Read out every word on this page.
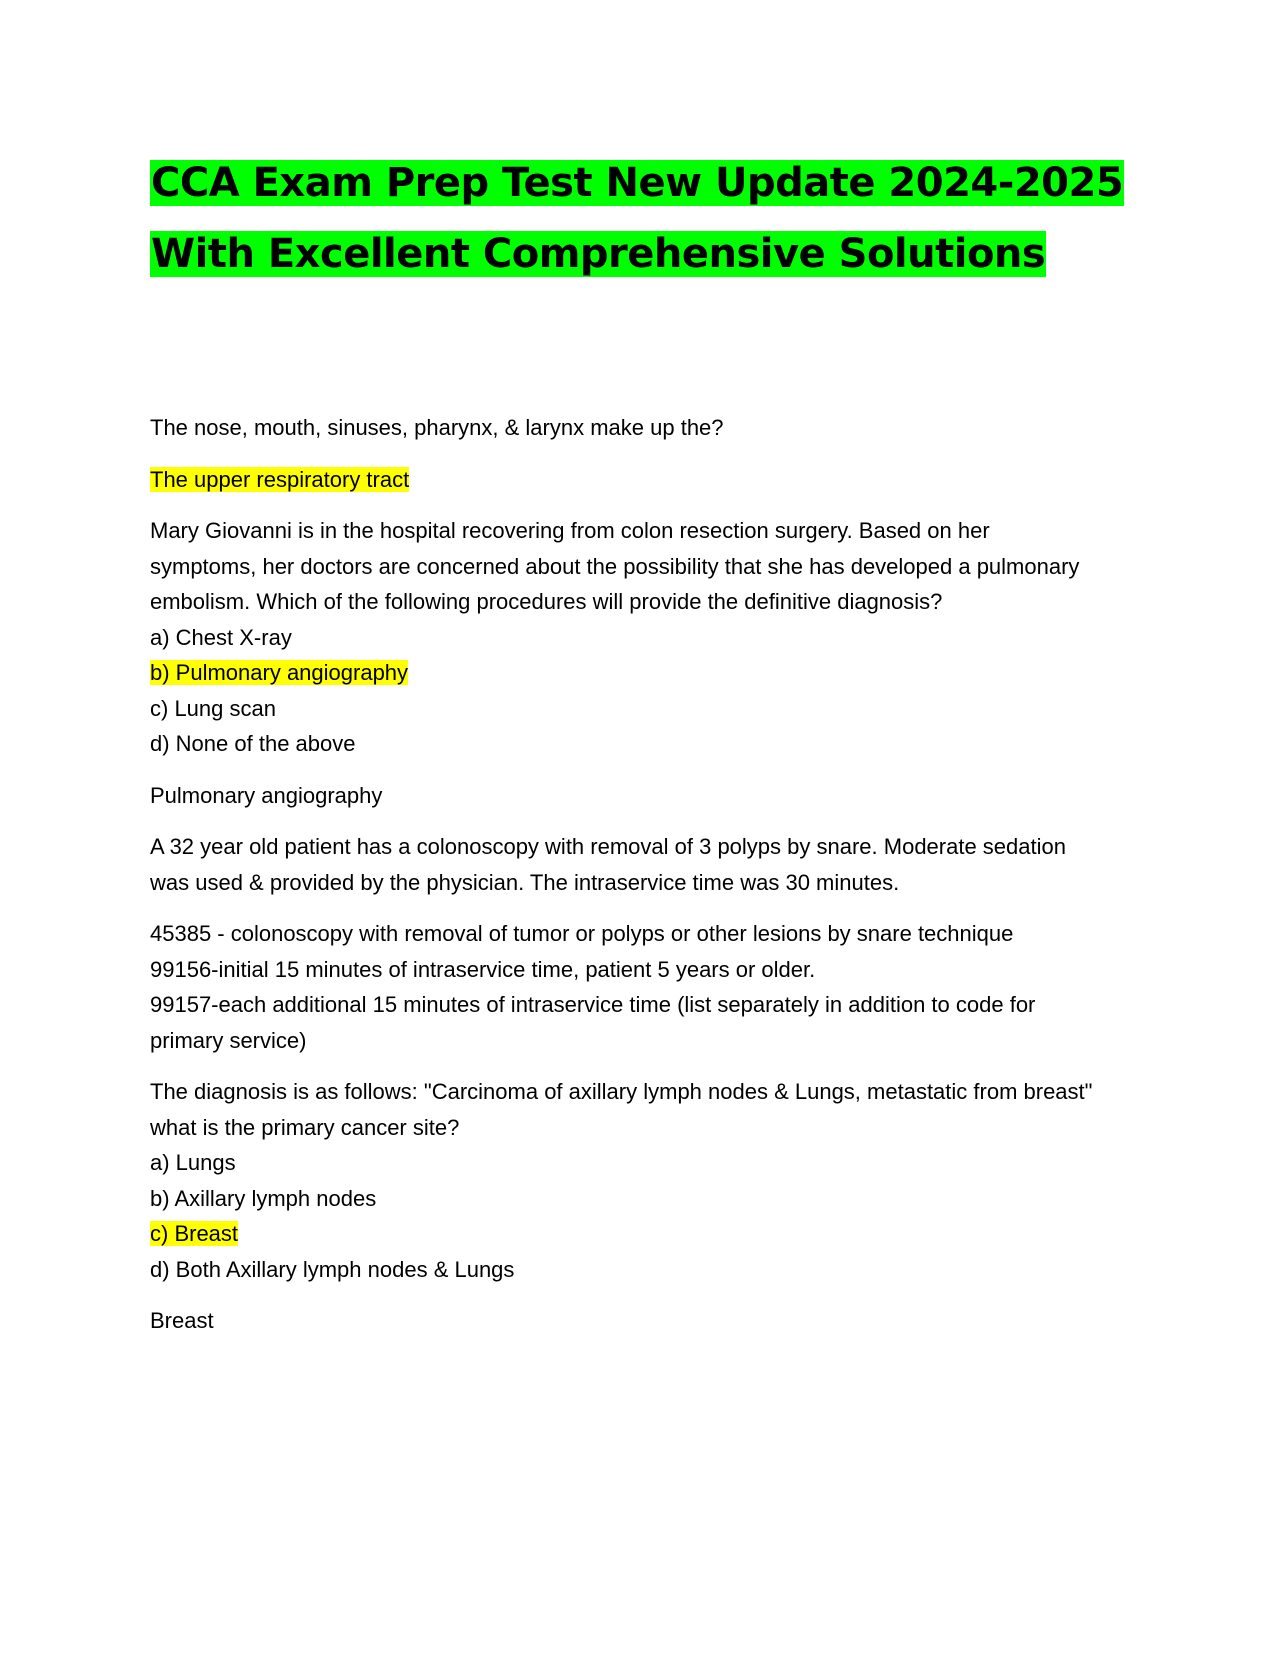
CCA Exam Prep Test New Update 2024-2025
With Excellent Comprehensive Solutions

The nose, mouth, sinuses, pharynx, & larynx make up the?

The upper respiratory tract

Mary Giovanni is in the hospital recovering from colon resection surgery. Based on her
symptoms, her doctors are concerned about the possibility that she has developed a pulmonary
embolism. Which of the following procedures will provide the definitive diagnosis?
a) Chest X-ray
b) Pulmonary angiography
c) Lung scan
d) None of the above

Pulmonary angiography

A 32 year old patient has a colonoscopy with removal of 3 polyps by snare. Moderate sedation
was used & provided by the physician. The intraservice time was 30 minutes.

45385 - colonoscopy with removal of tumor or polyps or other lesions by snare technique
99156-initial 15 minutes of intraservice time, patient 5 years or older.
99157-each additional 15 minutes of intraservice time (list separately in addition to code for
primary service)

The diagnosis is as follows: "Carcinoma of axillary lymph nodes & Lungs, metastatic from breast"
what is the primary cancer site?
a) Lungs
b) Axillary lymph nodes
c) Breast
d) Both Axillary lymph nodes & Lungs

Breast
